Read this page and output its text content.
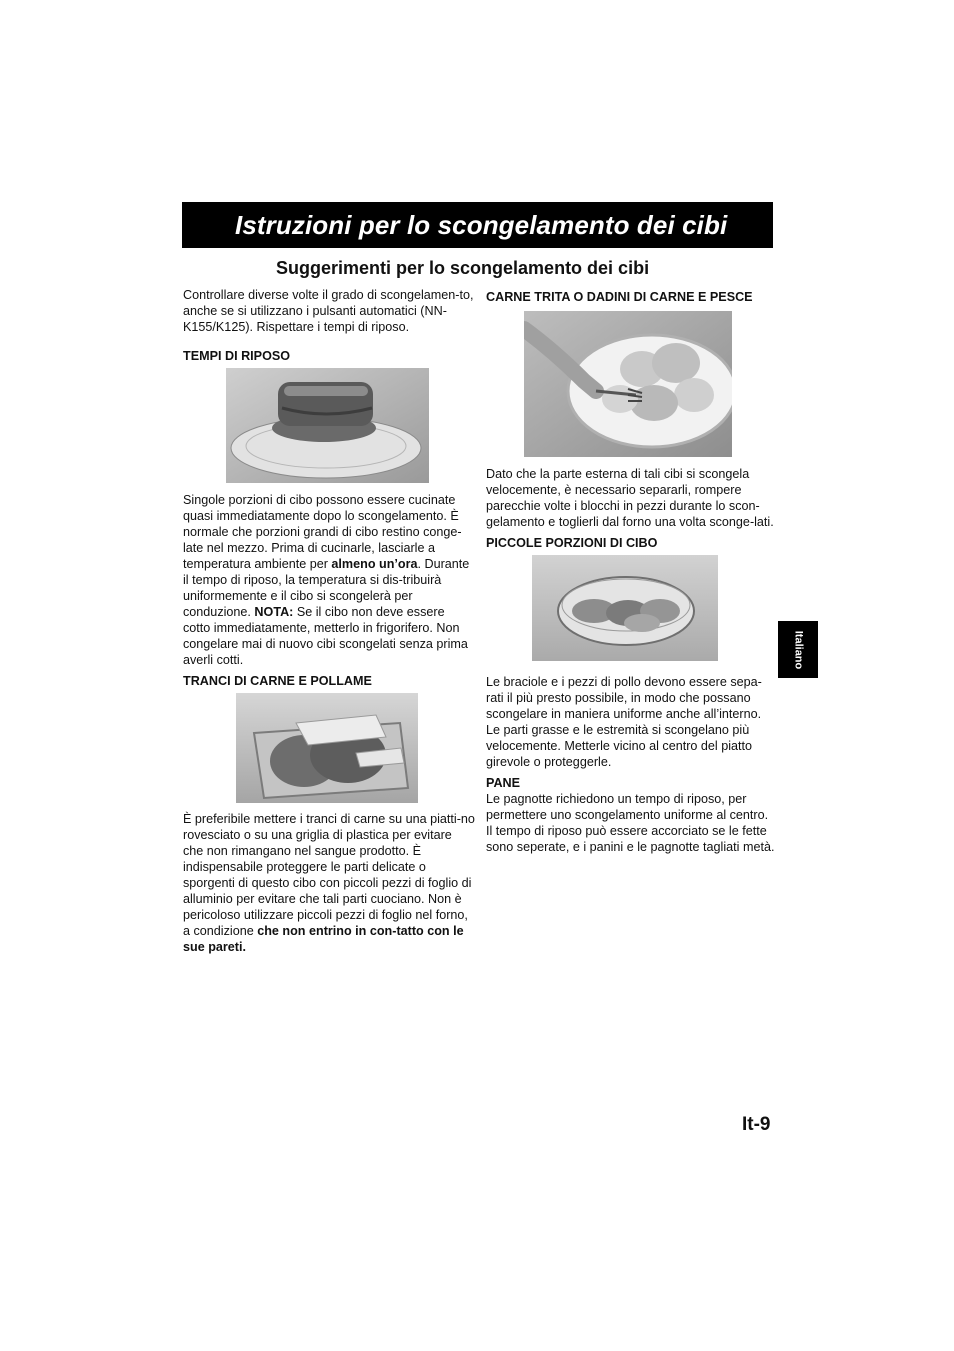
Istruzioni per lo scongelamento dei cibi
Suggerimenti per lo scongelamento dei cibi

Controllare diverse volte il grado di scongelamen-to, anche se si utilizzano i pulsanti automatici (NN-K155/K125). Rispettare i tempi di riposo.

TEMPI DI RIPOSO

Singole porzioni di cibo possono essere cucinate quasi immediatamente dopo lo scongelamento. È normale che porzioni grandi di cibo restino conge-late nel mezzo. Prima di cucinarle, lasciarle a temperatura ambiente per almeno un’ora. Durante il tempo di riposo, la temperatura si dis-tribuirà uniformemente e il cibo si scongelerà per conduzione. NOTA: Se il cibo non deve essere cotto immediatamente, metterlo in frigorifero. Non congelare mai di nuovo cibi scongelati senza prima averli cotti.

TRANCI DI CARNE E POLLAME

È preferibile mettere i tranci di carne su una piatti-no rovesciato o su una griglia di plastica per evitare che non rimangano nel sangue prodotto. È indispensabile proteggere le parti delicate o sporgenti di questo cibo con piccoli pezzi di foglio di alluminio per evitare che tali parti cuociano. Non è pericoloso utilizzare piccoli pezzi di foglio nel forno, a condizione che non entrino in con-tatto con le sue pareti.

CARNE TRITA O DADINI DI CARNE E PESCE

Dato che la parte esterna di tali cibi si scongela velocemente, è necessario separarli, rompere parecchie volte i blocchi in pezzi durante lo scon-gelamento e toglierli dal forno una volta sconge-lati.

PICCOLE PORZIONI DI CIBO

Le braciole e i pezzi di pollo devono essere sepa-rati il più presto possibile, in modo che possano scongelare in maniera uniforme anche all’interno. Le parti grasse e le estremità si scongelano più velocemente. Metterle vicino al centro del piatto girevole o proteggerle.

PANE

Le pagnotte richiedono un tempo di riposo, per permettere uno scongelamento uniforme al centro. Il tempo di riposo può essere accorciato se le fette sono seperate, e i panini e le pagnotte tagliati metà.

Italiano

It-9
